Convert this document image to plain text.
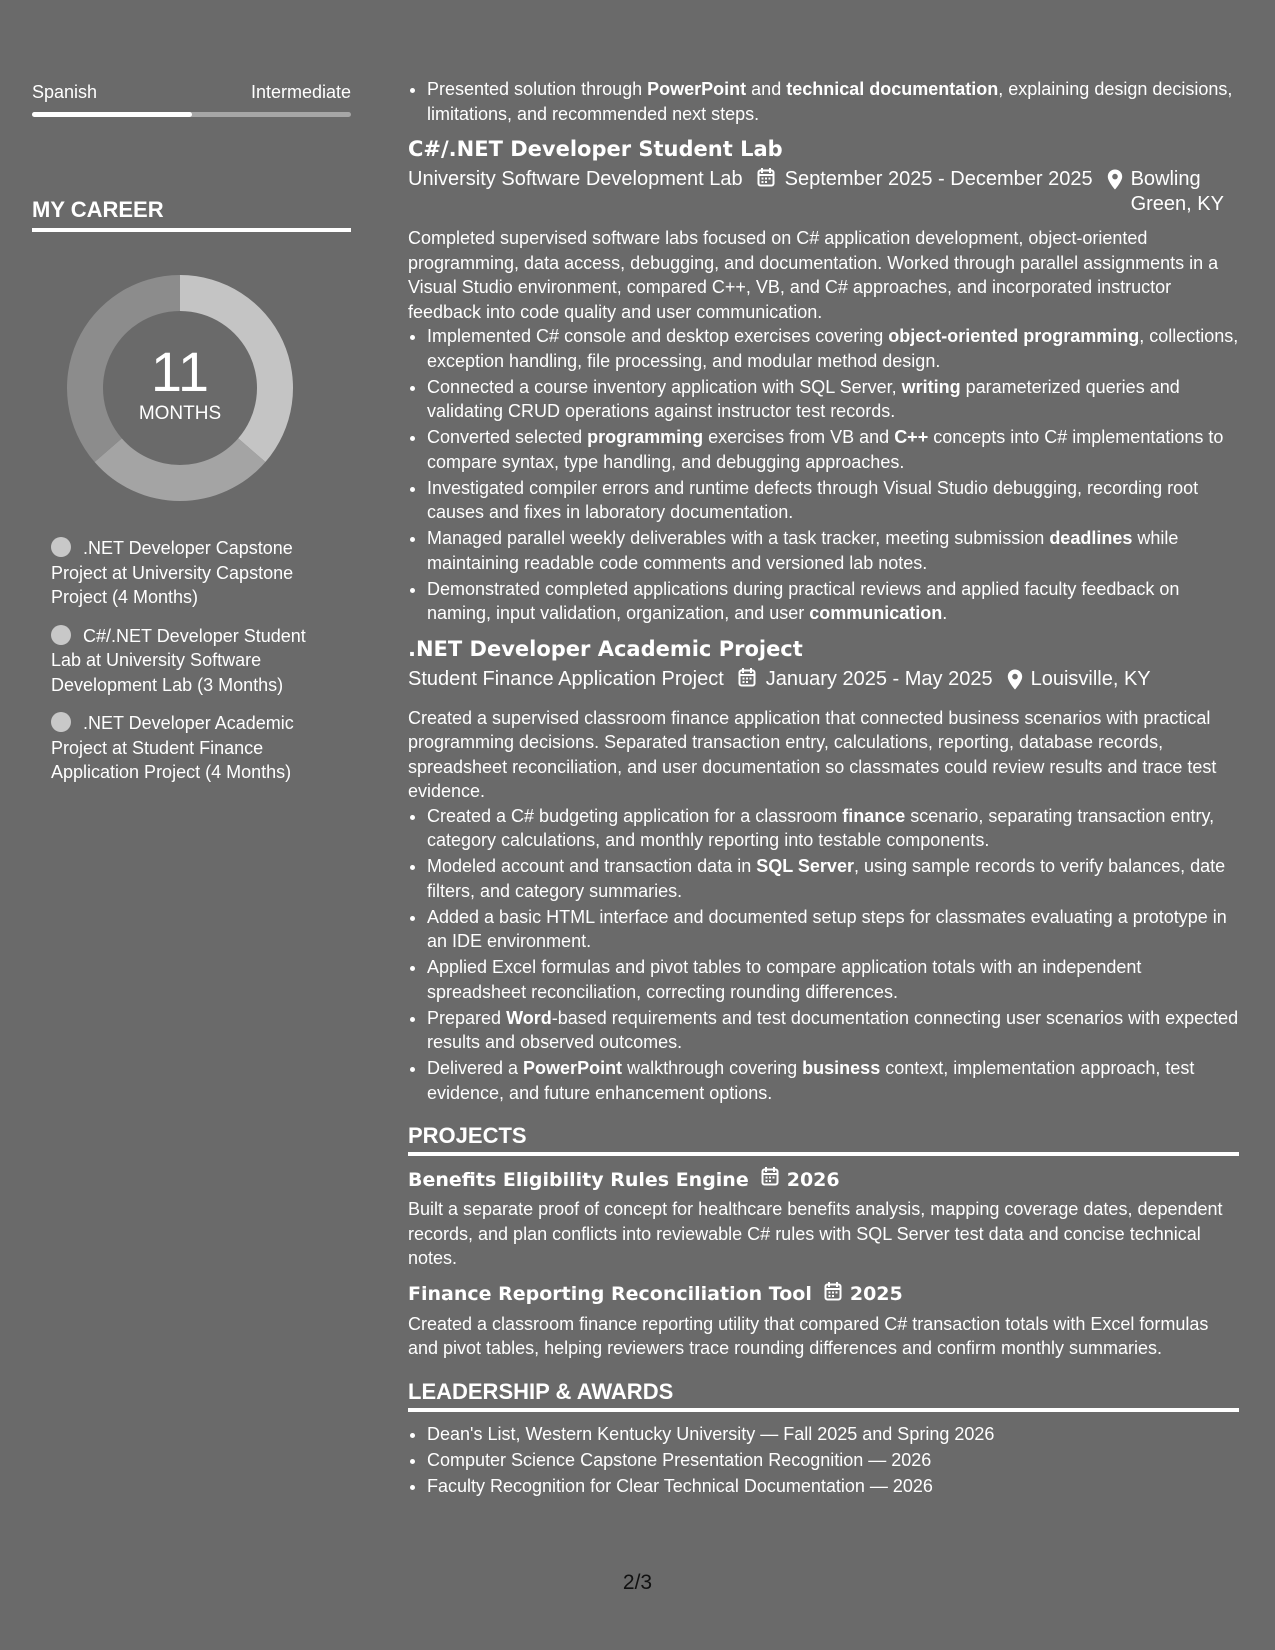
Spanish	Intermediate
MY CAREER
11
MONTHS
.NET Developer Capstone Project at University Capstone Project (4 Months)
C#/.NET Developer Student Lab at University Software Development Lab (3 Months)
.NET Developer Academic Project at Student Finance Application Project (4 Months)
• Presented solution through PowerPoint and technical documentation, explaining design decisions, limitations, and recommended next steps.
C#/.NET Developer Student Lab
University Software Development Lab September 2025 - December 2025 Bowling Green, KY
Completed supervised software labs focused on C# application development, object-oriented programming, data access, debugging, and documentation. Worked through parallel assignments in a Visual Studio environment, compared C++, VB, and C# approaches, and incorporated instructor feedback into code quality and user communication.
• Implemented C# console and desktop exercises covering object-oriented programming, collections, exception handling, file processing, and modular method design.
• Connected a course inventory application with SQL Server, writing parameterized queries and validating CRUD operations against instructor test records.
• Converted selected programming exercises from VB and C++ concepts into C# implementations to compare syntax, type handling, and debugging approaches.
• Investigated compiler errors and runtime defects through Visual Studio debugging, recording root causes and fixes in laboratory documentation.
• Managed parallel weekly deliverables with a task tracker, meeting submission deadlines while maintaining readable code comments and versioned lab notes.
• Demonstrated completed applications during practical reviews and applied faculty feedback on naming, input validation, organization, and user communication.
.NET Developer Academic Project
Student Finance Application Project January 2025 - May 2025 Louisville, KY
Created a supervised classroom finance application that connected business scenarios with practical programming decisions. Separated transaction entry, calculations, reporting, database records, spreadsheet reconciliation, and user documentation so classmates could review results and trace test evidence.
• Created a C# budgeting application for a classroom finance scenario, separating transaction entry, category calculations, and monthly reporting into testable components.
• Modeled account and transaction data in SQL Server, using sample records to verify balances, date filters, and category summaries.
• Added a basic HTML interface and documented setup steps for classmates evaluating a prototype in an IDE environment.
• Applied Excel formulas and pivot tables to compare application totals with an independent spreadsheet reconciliation, correcting rounding differences.
• Prepared Word-based requirements and test documentation connecting user scenarios with expected results and observed outcomes.
• Delivered a PowerPoint walkthrough covering business context, implementation approach, test evidence, and future enhancement options.
PROJECTS
Benefits Eligibility Rules Engine 2026
Built a separate proof of concept for healthcare benefits analysis, mapping coverage dates, dependent records, and plan conflicts into reviewable C# rules with SQL Server test data and concise technical notes.
Finance Reporting Reconciliation Tool 2025
Created a classroom finance reporting utility that compared C# transaction totals with Excel formulas and pivot tables, helping reviewers trace rounding differences and confirm monthly summaries.
LEADERSHIP & AWARDS
• Dean's List, Western Kentucky University — Fall 2025 and Spring 2026
• Computer Science Capstone Presentation Recognition — 2026
• Faculty Recognition for Clear Technical Documentation — 2026
2/3
